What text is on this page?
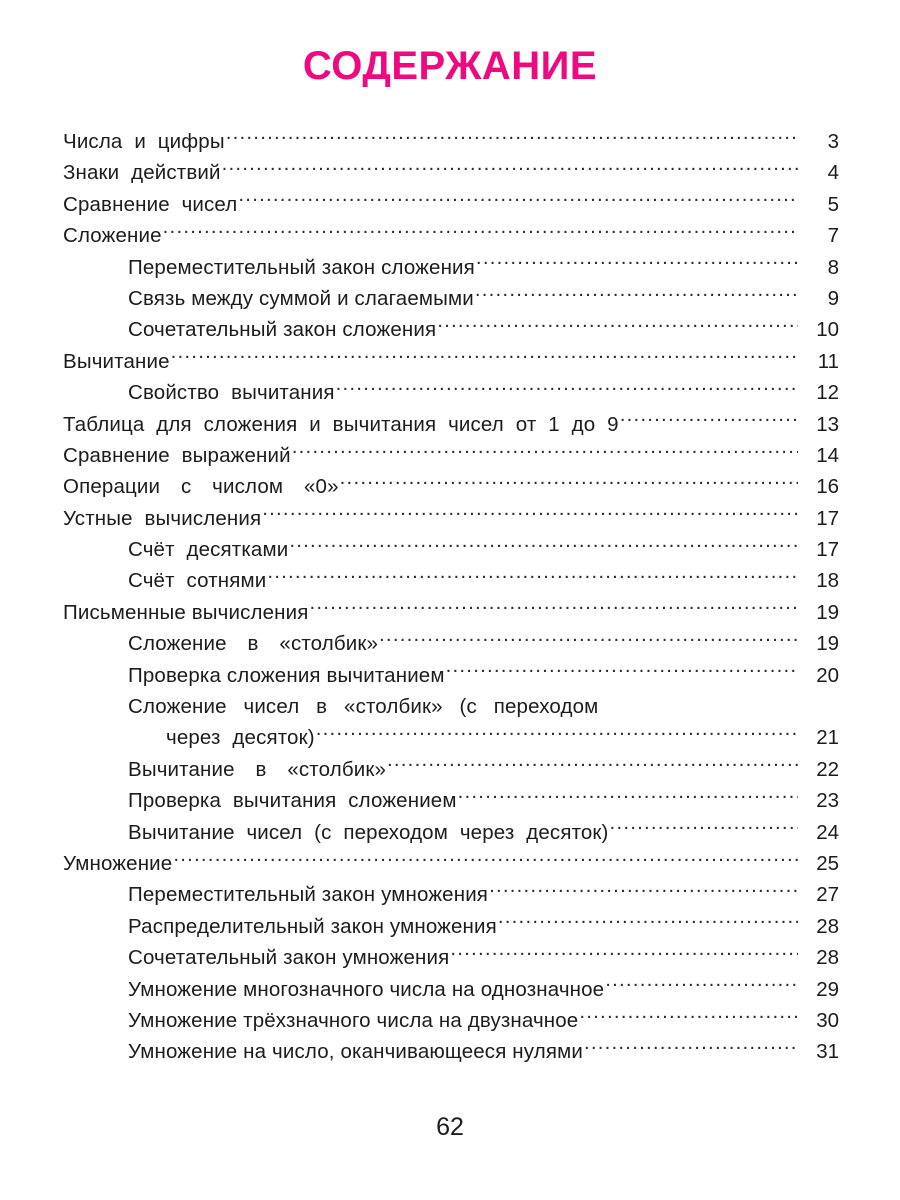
СОДЕРЖАНИЕ
Числа и цифры .....	3
Знаки действий .....	4
Сравнение чисел .....	5
Сложение .....	7
Переместительный закон сложения .....	8
Связь между суммой и слагаемыми .....	9
Сочетательный закон сложения .....	10
Вычитание .....	11
Свойство вычитания .....	12
Таблица для сложения и вычитания чисел от 1 до 9 .....	13
Сравнение выражений .....	14
Операции с числом «0» .....	16
Устные вычисления .....	17
Счёт десятками .....	17
Счёт сотнями .....	18
Письменные вычисления .....	19
Сложение в «столбик» .....	19
Проверка сложения вычитанием .....	20
Сложение чисел в «столбик» (с переходом
через десяток) .....	21
Вычитание в «столбик» .....	22
Проверка вычитания сложением .....	23
Вычитание чисел (с переходом через десяток) .....	24
Умножение .....	25
Переместительный закон умножения .....	27
Распределительный закон умножения .....	28
Сочетательный закон умножения .....	28
Умножение многозначного числа на однозначное .....	29
Умножение трёхзначного числа на двузначное .....	30
Умножение на число, оканчивающееся нулями .....	31
62
